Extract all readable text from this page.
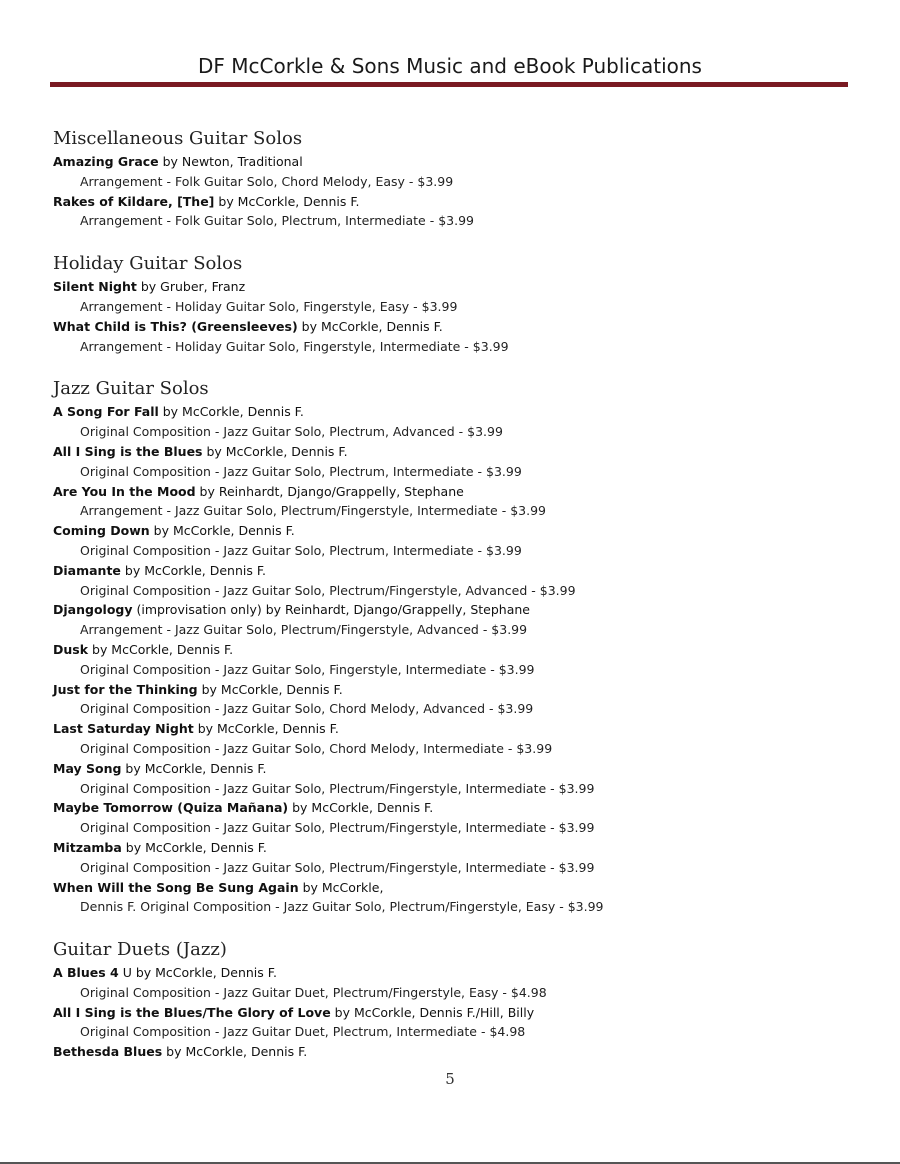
DF McCorkle & Sons Music and eBook Publications
Miscellaneous Guitar Solos
Amazing Grace by Newton, Traditional
Arrangement - Folk Guitar Solo, Chord Melody, Easy - $3.99
Rakes of Kildare, [The] by McCorkle, Dennis F.
Arrangement - Folk Guitar Solo, Plectrum, Intermediate - $3.99
Holiday Guitar Solos
Silent Night by Gruber, Franz
Arrangement - Holiday Guitar Solo, Fingerstyle, Easy - $3.99
What Child is This? (Greensleeves) by McCorkle, Dennis F.
Arrangement - Holiday Guitar Solo, Fingerstyle, Intermediate - $3.99
Jazz Guitar Solos
A Song For Fall by McCorkle, Dennis F.
Original Composition - Jazz Guitar Solo, Plectrum, Advanced - $3.99
All I Sing is the Blues by McCorkle, Dennis F.
Original Composition - Jazz Guitar Solo, Plectrum, Intermediate - $3.99
Are You In the Mood by Reinhardt, Django/Grappelly, Stephane
Arrangement - Jazz Guitar Solo, Plectrum/Fingerstyle, Intermediate - $3.99
Coming Down by McCorkle, Dennis F.
Original Composition - Jazz Guitar Solo, Plectrum, Intermediate - $3.99
Diamante by McCorkle, Dennis F.
Original Composition - Jazz Guitar Solo, Plectrum/Fingerstyle, Advanced - $3.99
Djangology (improvisation only) by Reinhardt, Django/Grappelly, Stephane
Arrangement - Jazz Guitar Solo, Plectrum/Fingerstyle, Advanced - $3.99
Dusk by McCorkle, Dennis F.
Original Composition - Jazz Guitar Solo, Fingerstyle, Intermediate - $3.99
Just for the Thinking by McCorkle, Dennis F.
Original Composition - Jazz Guitar Solo, Chord Melody, Advanced - $3.99
Last Saturday Night by McCorkle, Dennis F.
Original Composition - Jazz Guitar Solo, Chord Melody, Intermediate - $3.99
May Song by McCorkle, Dennis F.
Original Composition - Jazz Guitar Solo, Plectrum/Fingerstyle, Intermediate - $3.99
Maybe Tomorrow (Quiza Mañana) by McCorkle, Dennis F.
Original Composition - Jazz Guitar Solo, Plectrum/Fingerstyle, Intermediate - $3.99
Mitzamba by McCorkle, Dennis F.
Original Composition - Jazz Guitar Solo, Plectrum/Fingerstyle, Intermediate - $3.99
When Will the Song Be Sung Again by McCorkle,
Dennis F. Original Composition - Jazz Guitar Solo, Plectrum/Fingerstyle, Easy - $3.99
Guitar Duets (Jazz)
A Blues 4 U by McCorkle, Dennis F.
Original Composition - Jazz Guitar Duet, Plectrum/Fingerstyle, Easy - $4.98
All I Sing is the Blues/The Glory of Love by McCorkle, Dennis F./Hill, Billy
Original Composition - Jazz Guitar Duet, Plectrum, Intermediate - $4.98
Bethesda Blues by McCorkle, Dennis F.
5
